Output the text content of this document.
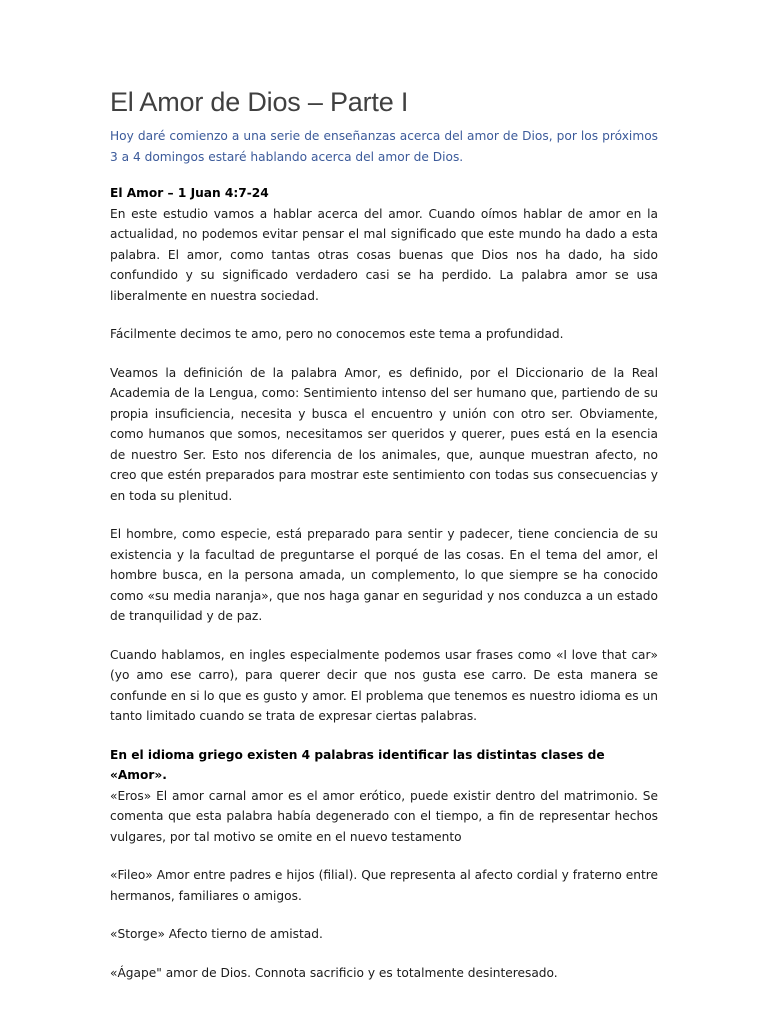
El Amor de Dios – Parte I

Hoy daré comienzo a una serie de enseñanzas acerca del amor de Dios, por los próximos 3 a 4 domingos estaré hablando acerca del amor de Dios.

El Amor – 1 Juan 4:7-24

En este estudio vamos a hablar acerca del amor. Cuando oímos hablar de amor en la actualidad, no podemos evitar pensar el mal significado que este mundo ha dado a esta palabra. El amor, como tantas otras cosas buenas que Dios nos ha dado, ha sido confundido y su significado verdadero casi se ha perdido. La palabra amor se usa liberalmente en nuestra sociedad.

Fácilmente decimos te amo, pero no conocemos este tema a profundidad.

Veamos la definición de la palabra Amor, es definido, por el Diccionario de la Real Academia de la Lengua, como: Sentimiento intenso del ser humano que, partiendo de su propia insuficiencia, necesita y busca el encuentro y unión con otro ser. Obviamente, como humanos que somos, necesitamos ser queridos y querer, pues está en la esencia de nuestro Ser. Esto nos diferencia de los animales, que, aunque muestran afecto, no creo que estén preparados para mostrar este sentimiento con todas sus consecuencias y en toda su plenitud.

El hombre, como especie, está preparado para sentir y padecer, tiene conciencia de su existencia y la facultad de preguntarse el porqué de las cosas. En el tema del amor, el hombre busca, en la persona amada, un complemento, lo que siempre se ha conocido como «su media naranja», que nos haga ganar en seguridad y nos conduzca a un estado de tranquilidad y de paz.

Cuando hablamos, en ingles especialmente podemos usar frases como «I love that car» (yo amo ese carro), para querer decir que nos gusta ese carro. De esta manera se confunde en si lo que es gusto y amor. El problema que tenemos es nuestro idioma es un tanto limitado cuando se trata de expresar ciertas palabras.

En el idioma griego existen 4 palabras identificar las distintas clases de «Amor».

«Eros» El amor carnal amor es el amor erótico, puede existir dentro del matrimonio. Se comenta que esta palabra había degenerado con el tiempo, a fin de representar hechos vulgares, por tal motivo se omite en el nuevo testamento

«Fileo» Amor entre padres e hijos (filial). Que representa al afecto cordial y fraterno entre hermanos, familiares o amigos.

«Storge» Afecto tierno de amistad.

«Ágape" amor de Dios. Connota sacrificio y es totalmente desinteresado.
